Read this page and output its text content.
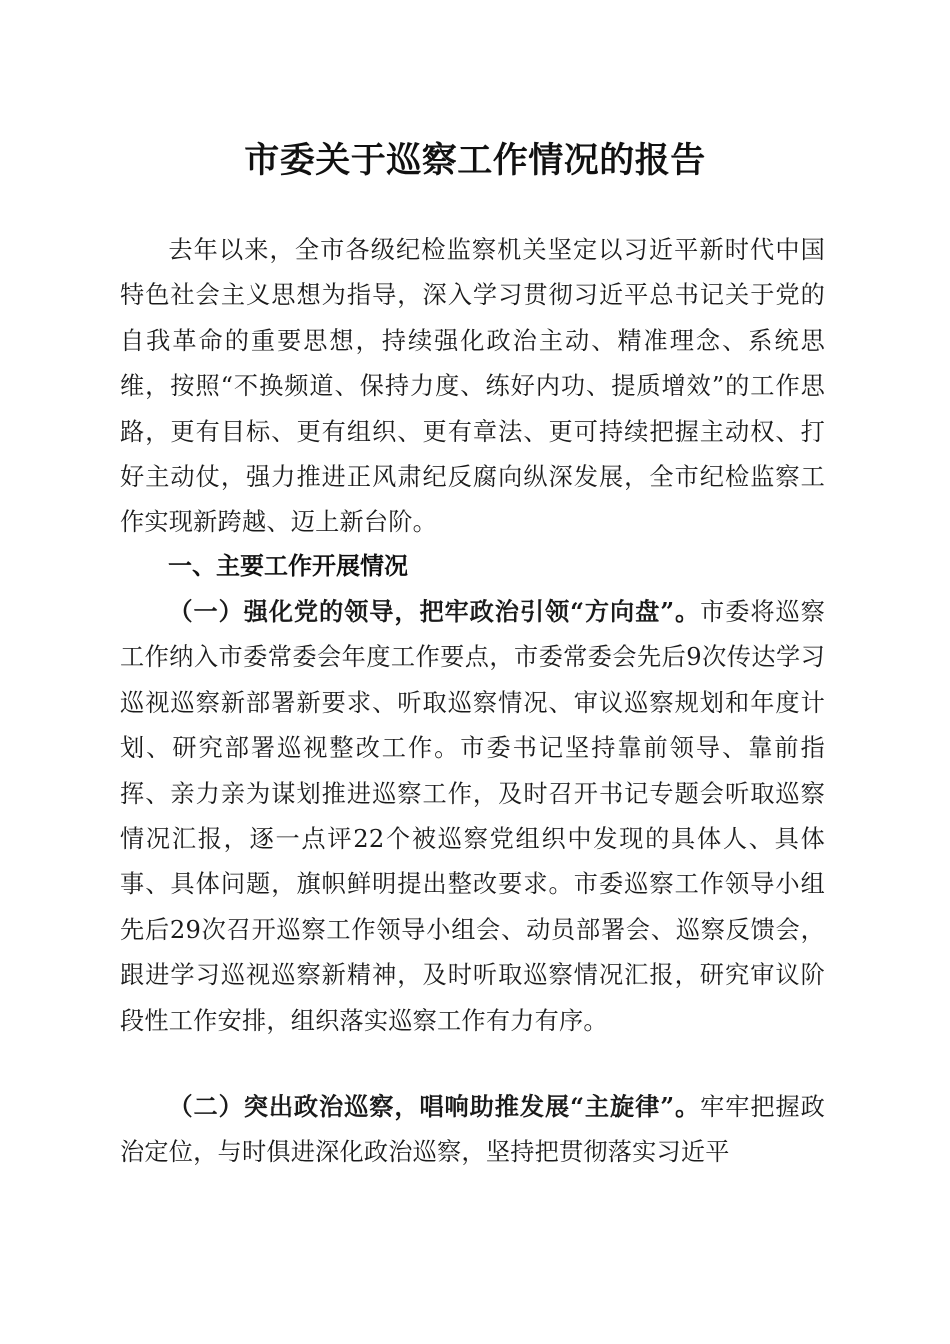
市委关于巡察工作情况的报告

去年以来，全市各级纪检监察机关坚定以习近平新时代中国特色社会主义思想为指导，深入学习贯彻习近平总书记关于党的自我革命的重要思想，持续强化政治主动、精准理念、系统思维，按照“不换频道、保持力度、练好内功、提质增效”的工作思路，更有目标、更有组织、更有章法、更可持续把握主动权、打好主动仗，强力推进正风肃纪反腐向纵深发展，全市纪检监察工作实现新跨越、迈上新台阶。

一、主要工作开展情况

（一）强化党的领导，把牢政治引领“方向盘”。市委将巡察工作纳入市委常委会年度工作要点，市委常委会先后9次传达学习巡视巡察新部署新要求、听取巡察情况、审议巡察规划和年度计划、研究部署巡视整改工作。市委书记坚持靠前领导、靠前指挥、亲力亲为谋划推进巡察工作，及时召开书记专题会听取巡察情况汇报，逐一点评22个被巡察党组织中发现的具体人、具体事、具体问题，旗帜鲜明提出整改要求。市委巡察工作领导小组先后29次召开巡察工作领导小组会、动员部署会、巡察反馈会，跟进学习巡视巡察新精神，及时听取巡察情况汇报，研究审议阶段性工作安排，组织落实巡察工作有力有序。

（二）突出政治巡察，唱响助推发展“主旋律”。牢牢把握政治定位，与时俱进深化政治巡察，坚持把贯彻落实习近平
